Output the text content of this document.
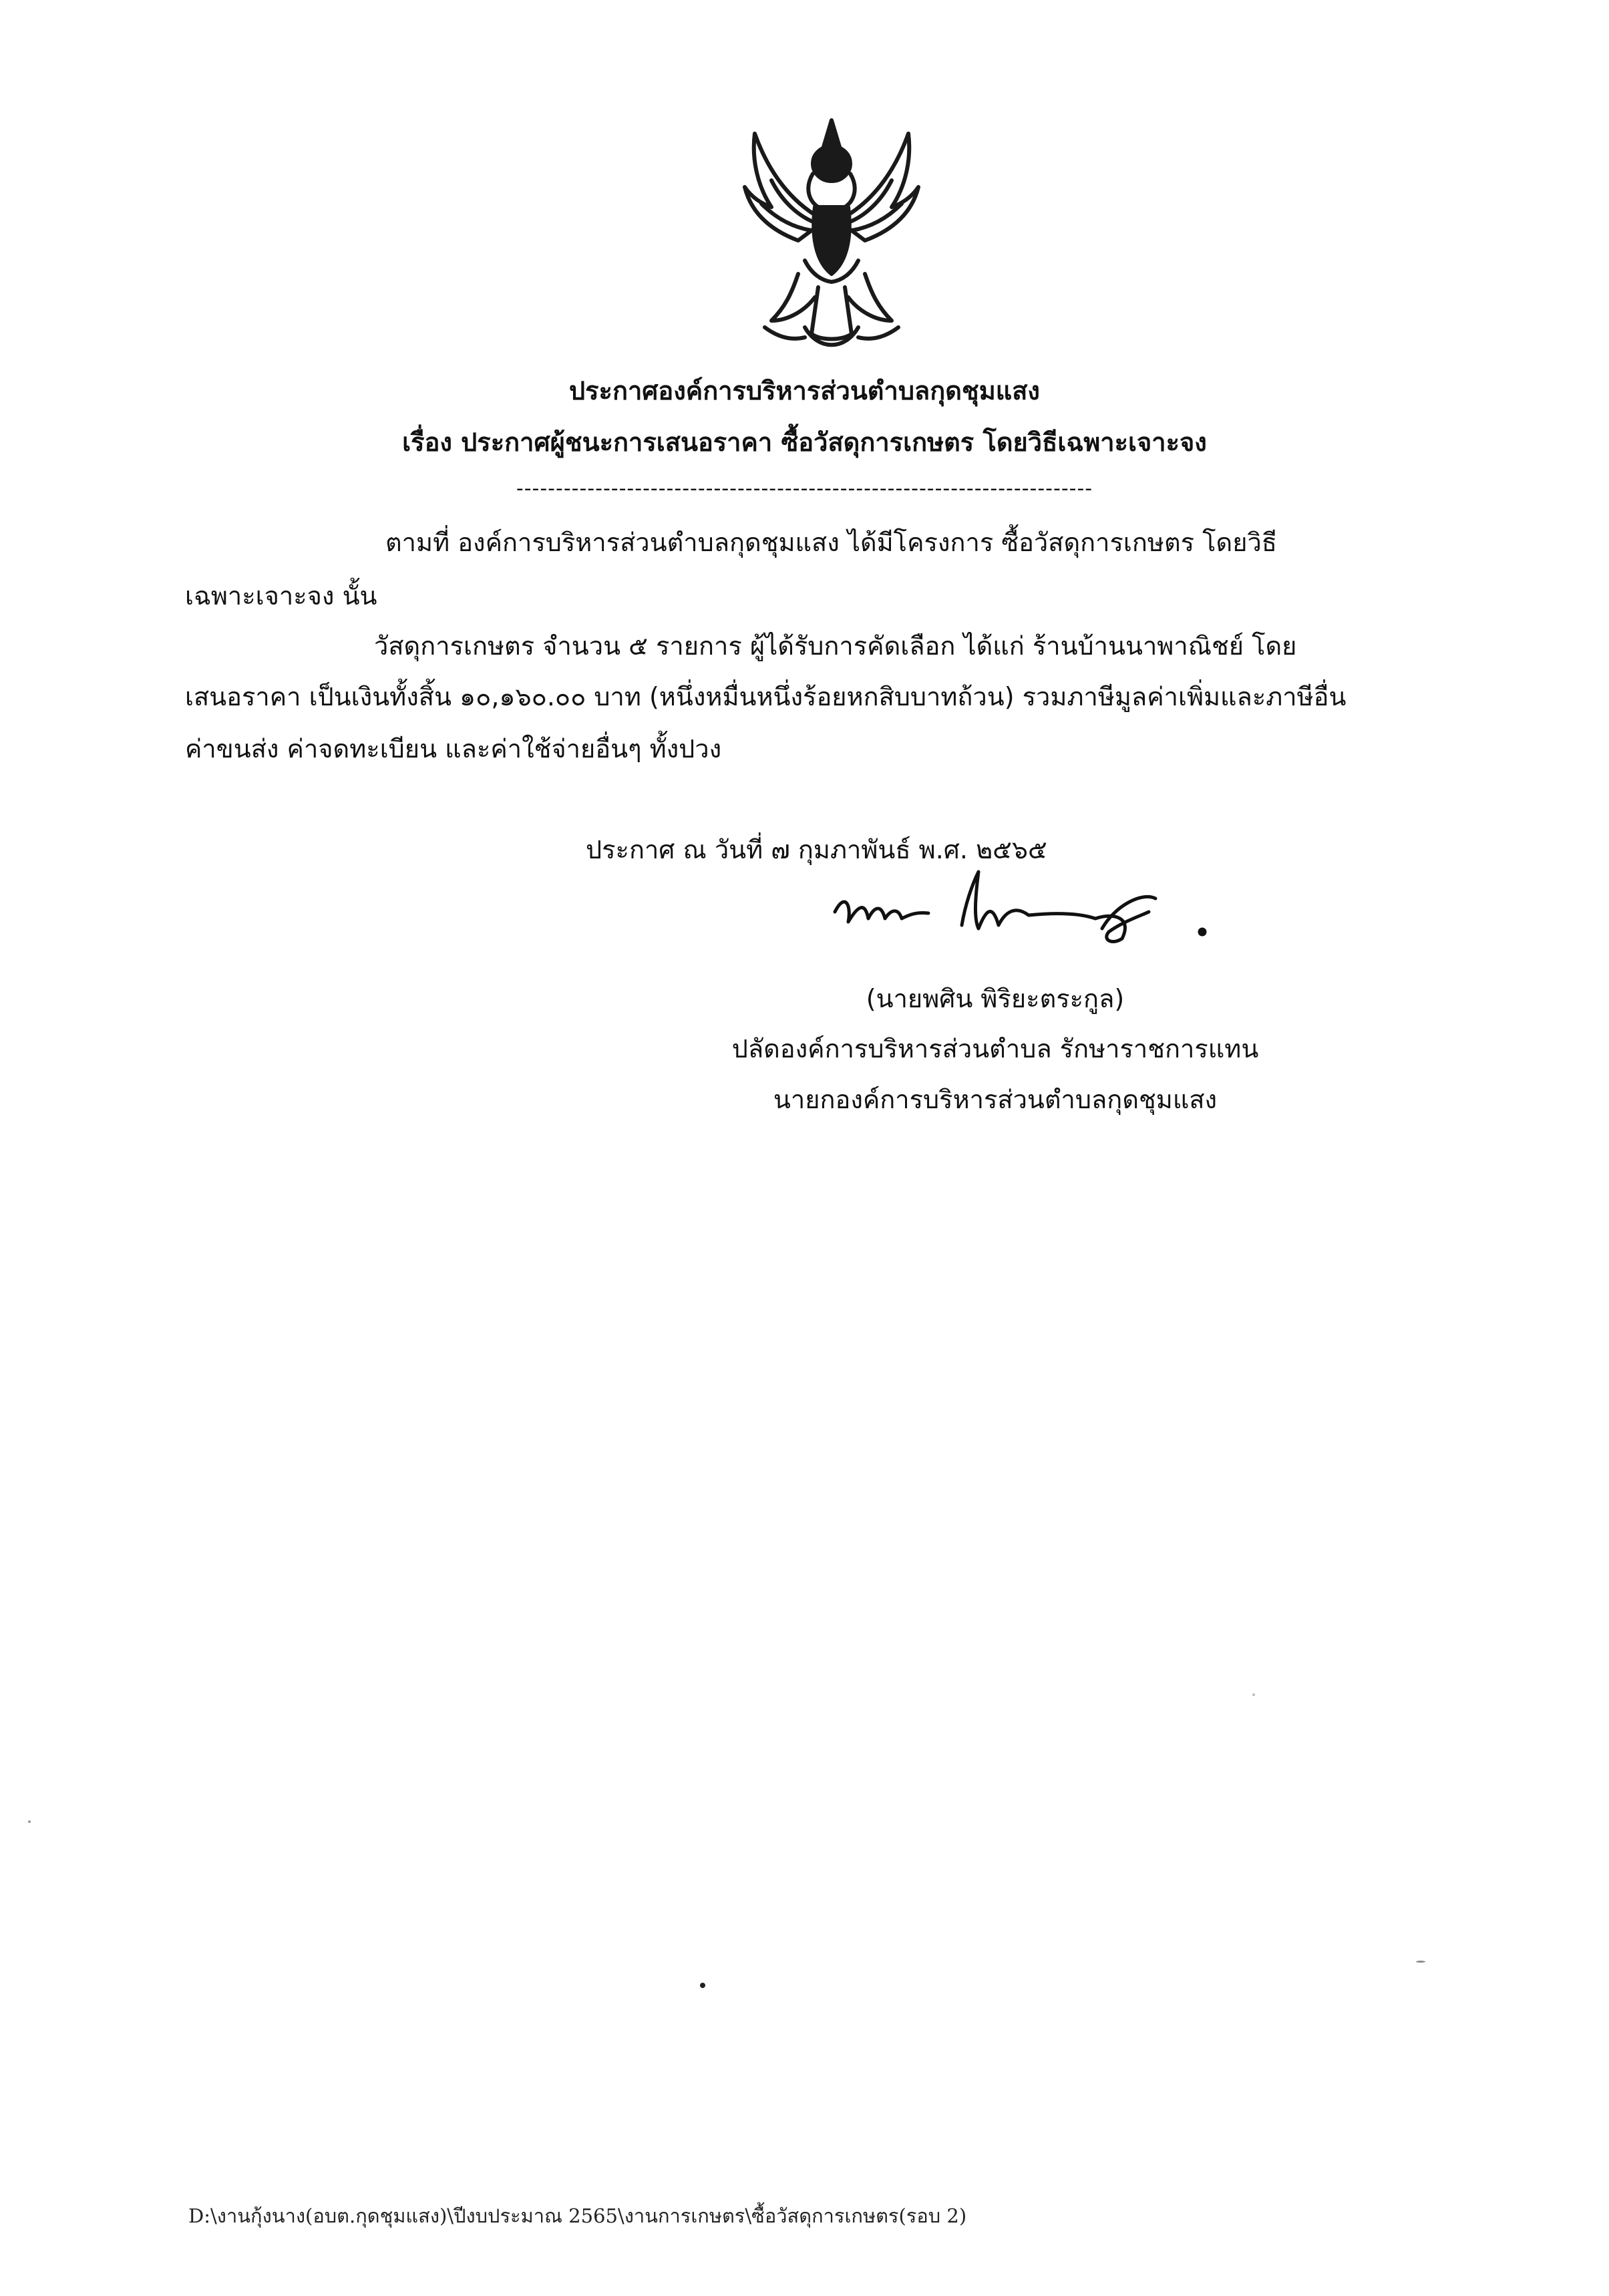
ประกาศองค์การบริหารส่วนตำบลกุดชุมแสง
เรื่อง ประกาศผู้ชนะการเสนอราคา ซื้อวัสดุการเกษตร โดยวิธีเฉพาะเจาะจง
-------------------------------------------------------------------------
ตามที่ องค์การบริหารส่วนตำบลกุดชุมแสง ได้มีโครงการ ซื้อวัสดุการเกษตร โดยวิธี
เฉพาะเจาะจง นั้น
วัสดุการเกษตร จำนวน ๕ รายการ ผู้ได้รับการคัดเลือก ได้แก่ ร้านบ้านนาพาณิชย์ โดย
เสนอราคา เป็นเงินทั้งสิ้น ๑๐,๑๖๐.๐๐ บาท (หนึ่งหมื่นหนึ่งร้อยหกสิบบาทถ้วน) รวมภาษีมูลค่าเพิ่มและภาษีอื่น
ค่าขนส่ง ค่าจดทะเบียน และค่าใช้จ่ายอื่นๆ ทั้งปวง
ประกาศ ณ วันที่ ๗ กุมภาพันธ์ พ.ศ. ๒๕๖๕
(นายพศิน พิริยะตระกูล)
ปลัดองค์การบริหารส่วนตำบล รักษาราชการแทน
นายกองค์การบริหารส่วนตำบลกุดชุมแสง
D:\งานกุ้งนาง(อบต.กุดชุมแสง)\ปีงบประมาณ 2565\งานการเกษตร\ซื้อวัสดุการเกษตร(รอบ 2)
